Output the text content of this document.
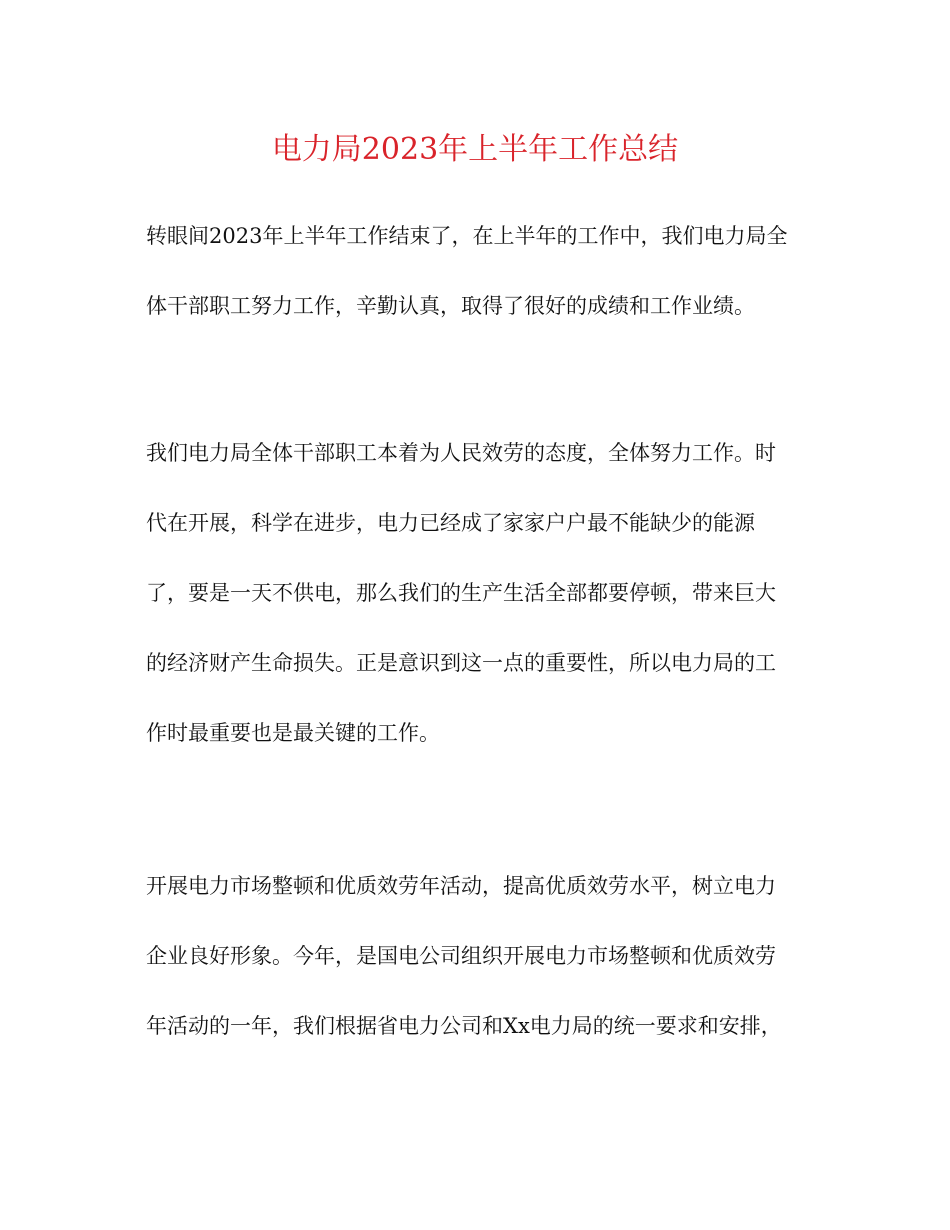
电力局2023年上半年工作总结
转眼间2023年上半年工作结束了，在上半年的工作中，我们电力局全
体干部职工努力工作，辛勤认真，取得了很好的成绩和工作业绩。
我们电力局全体干部职工本着为人民效劳的态度，全体努力工作。时
代在开展，科学在进步，电力已经成了家家户户最不能缺少的能源
了，要是一天不供电，那么我们的生产生活全部都要停顿，带来巨大
的经济财产生命损失。正是意识到这一点的重要性，所以电力局的工
作时最重要也是最关键的工作。
开展电力市场整顿和优质效劳年活动，提高优质效劳水平，树立电力
企业良好形象。今年，是国电公司组织开展电力市场整顿和优质效劳
年活动的一年，我们根据省电力公司和Xx电力局的统一要求和安排，
